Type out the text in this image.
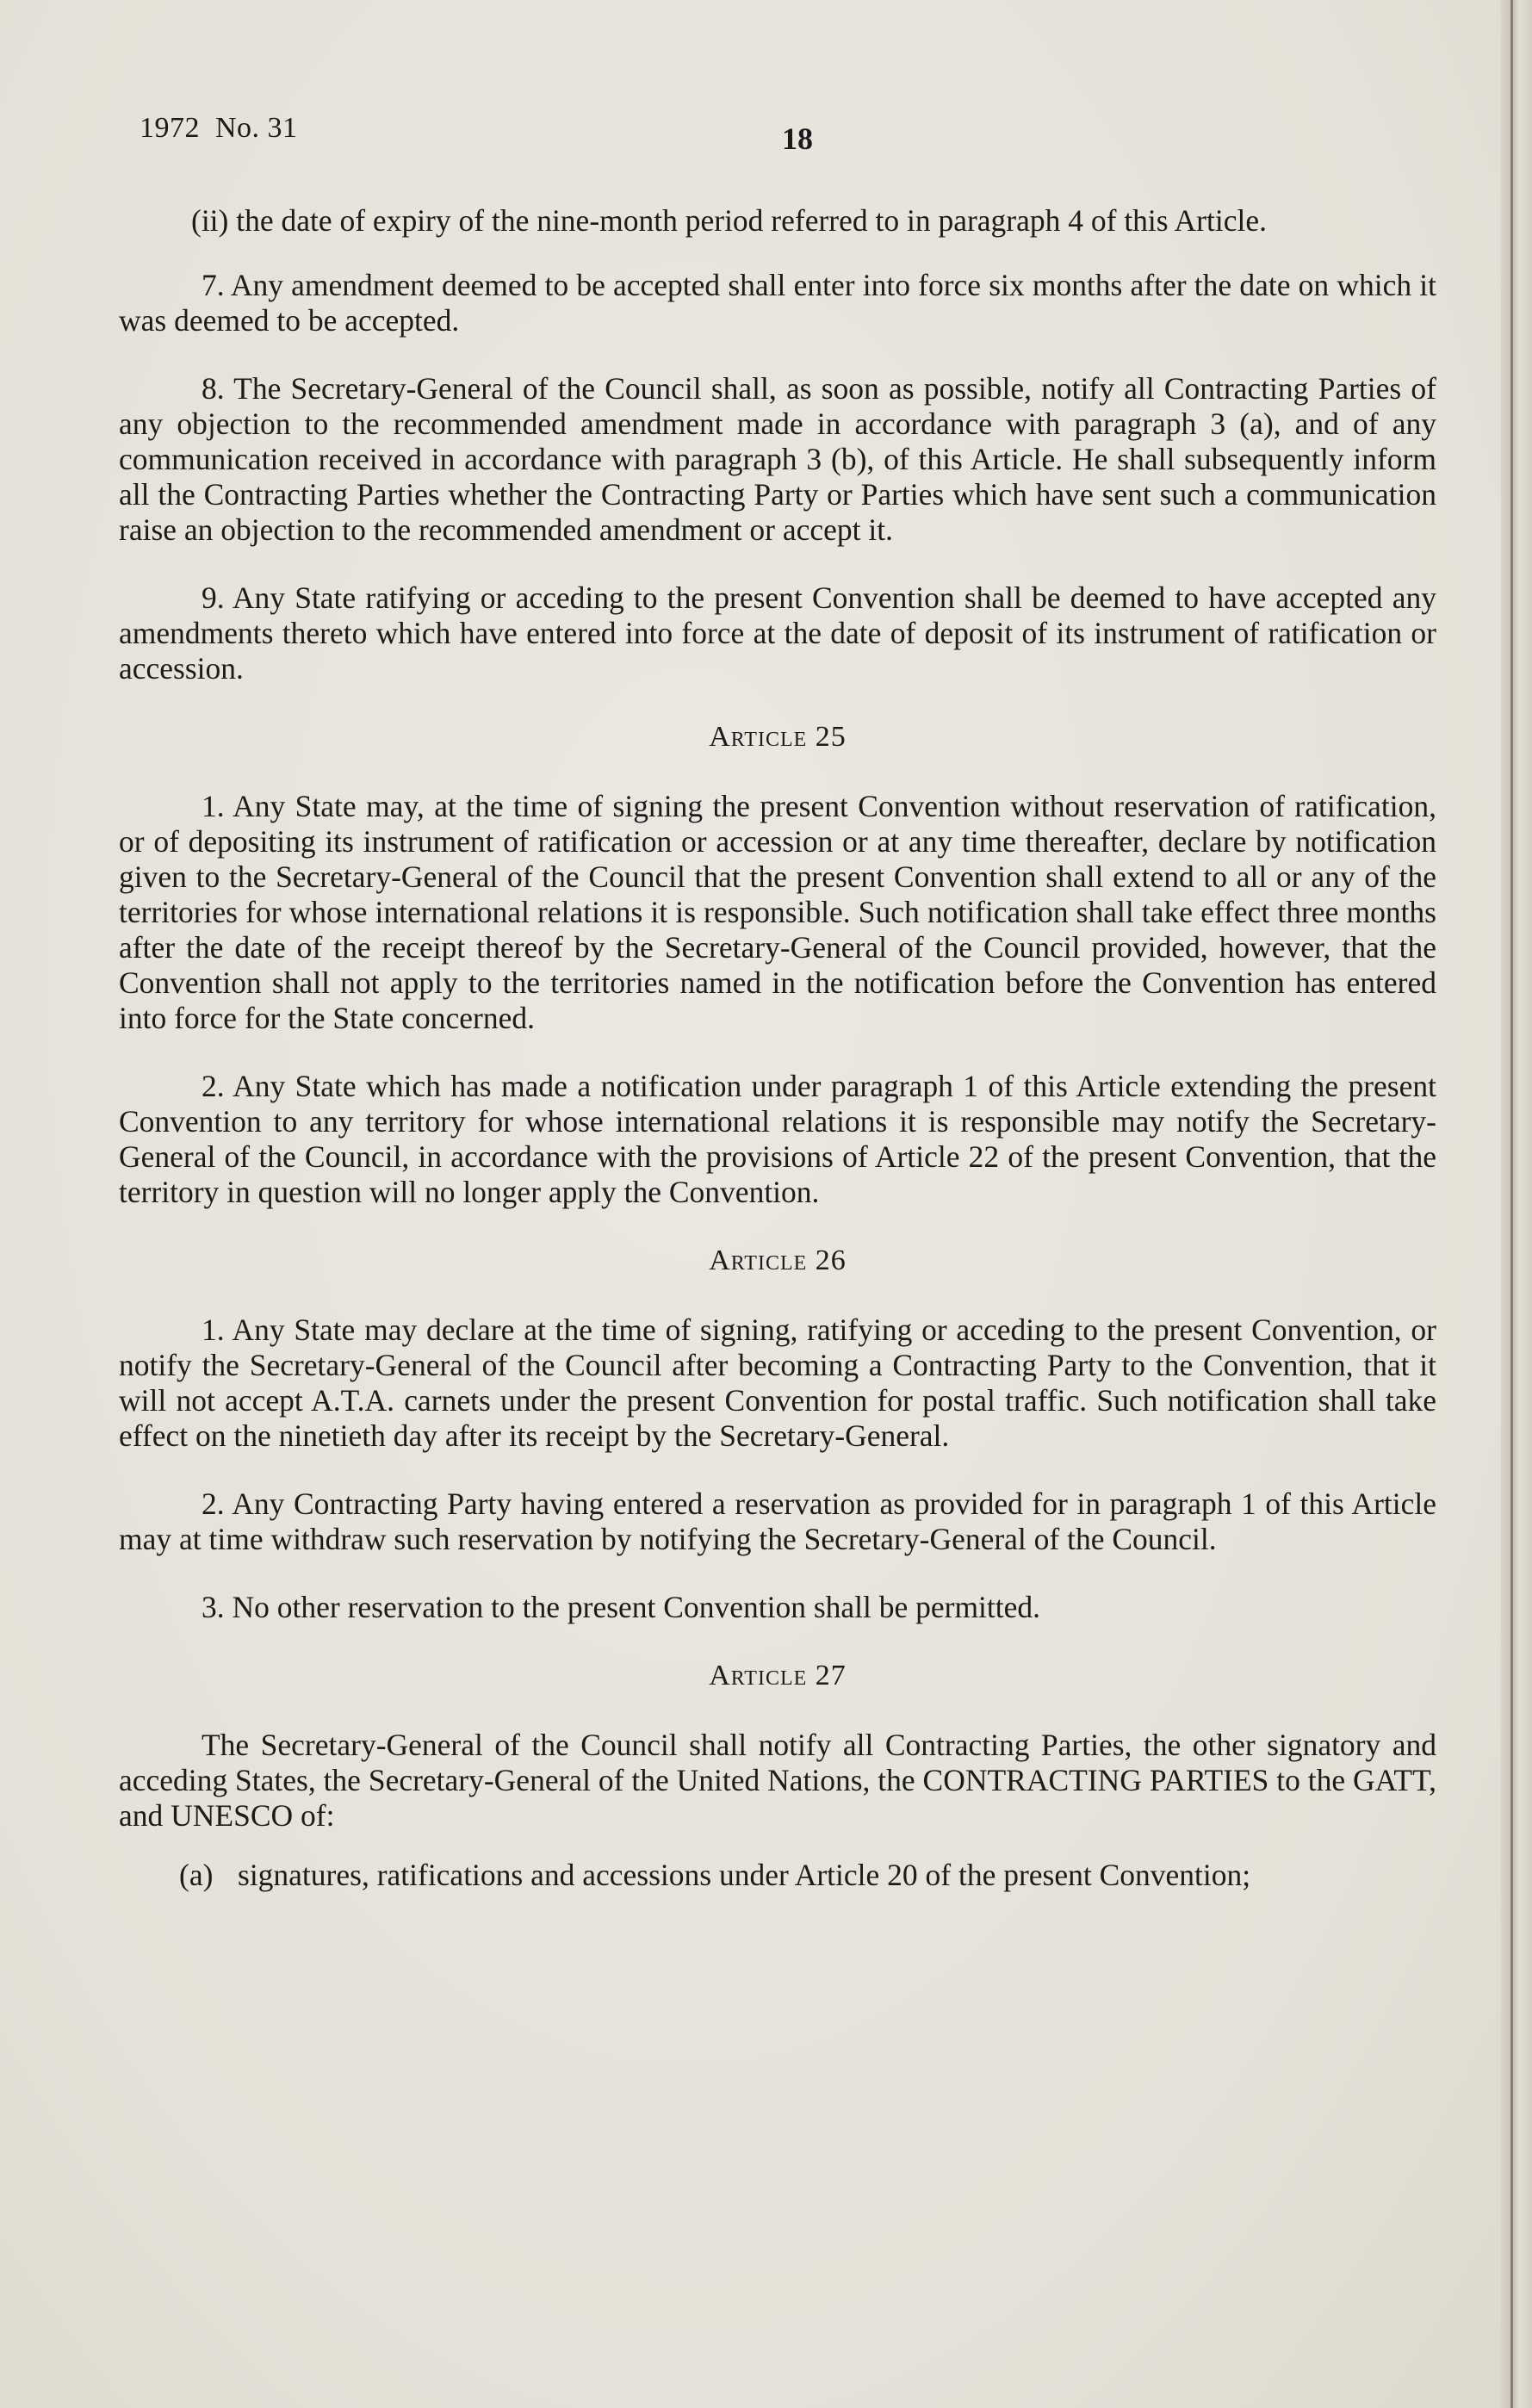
1972  No. 31	18

(ii) the date of expiry of the nine-month period referred to in paragraph 4 of this Article.

7. Any amendment deemed to be accepted shall enter into force six months after the date on which it was deemed to be accepted.

8. The Secretary-General of the Council shall, as soon as possible, notify all Contracting Parties of any objection to the recommended amendment made in accordance with paragraph 3 (a), and of any communication received in accordance with paragraph 3 (b), of this Article. He shall subsequently inform all the Contracting Parties whether the Contracting Party or Parties which have sent such a communication raise an objection to the recommended amendment or accept it.

9. Any State ratifying or acceding to the present Convention shall be deemed to have accepted any amendments thereto which have entered into force at the date of deposit of its instrument of ratification or accession.

Article 25

1. Any State may, at the time of signing the present Convention without reservation of ratification, or of depositing its instrument of ratification or accession or at any time thereafter, declare by notification given to the Secretary-General of the Council that the present Convention shall extend to all or any of the territories for whose international relations it is responsible. Such notification shall take effect three months after the date of the receipt thereof by the Secretary-General of the Council provided, however, that the Convention shall not apply to the territories named in the notification before the Convention has entered into force for the State concerned.

2. Any State which has made a notification under paragraph 1 of this Article extending the present Convention to any territory for whose international relations it is responsible may notify the Secretary-General of the Council, in accordance with the provisions of Article 22 of the present Convention, that the territory in question will no longer apply the Convention.

Article 26

1. Any State may declare at the time of signing, ratifying or acceding to the present Convention, or notify the Secretary-General of the Council after becoming a Contracting Party to the Convention, that it will not accept A.T.A. carnets under the present Convention for postal traffic. Such notification shall take effect on the ninetieth day after its receipt by the Secretary-General.

2. Any Contracting Party having entered a reservation as provided for in paragraph 1 of this Article may at time withdraw such reservation by notifying the Secretary-General of the Council.

3. No other reservation to the present Convention shall be permitted.

Article 27

The Secretary-General of the Council shall notify all Contracting Parties, the other signatory and acceding States, the Secretary-General of the United Nations, the CONTRACTING PARTIES to the GATT, and UNESCO of:

(a) signatures, ratifications and accessions under Article 20 of the present Convention;
